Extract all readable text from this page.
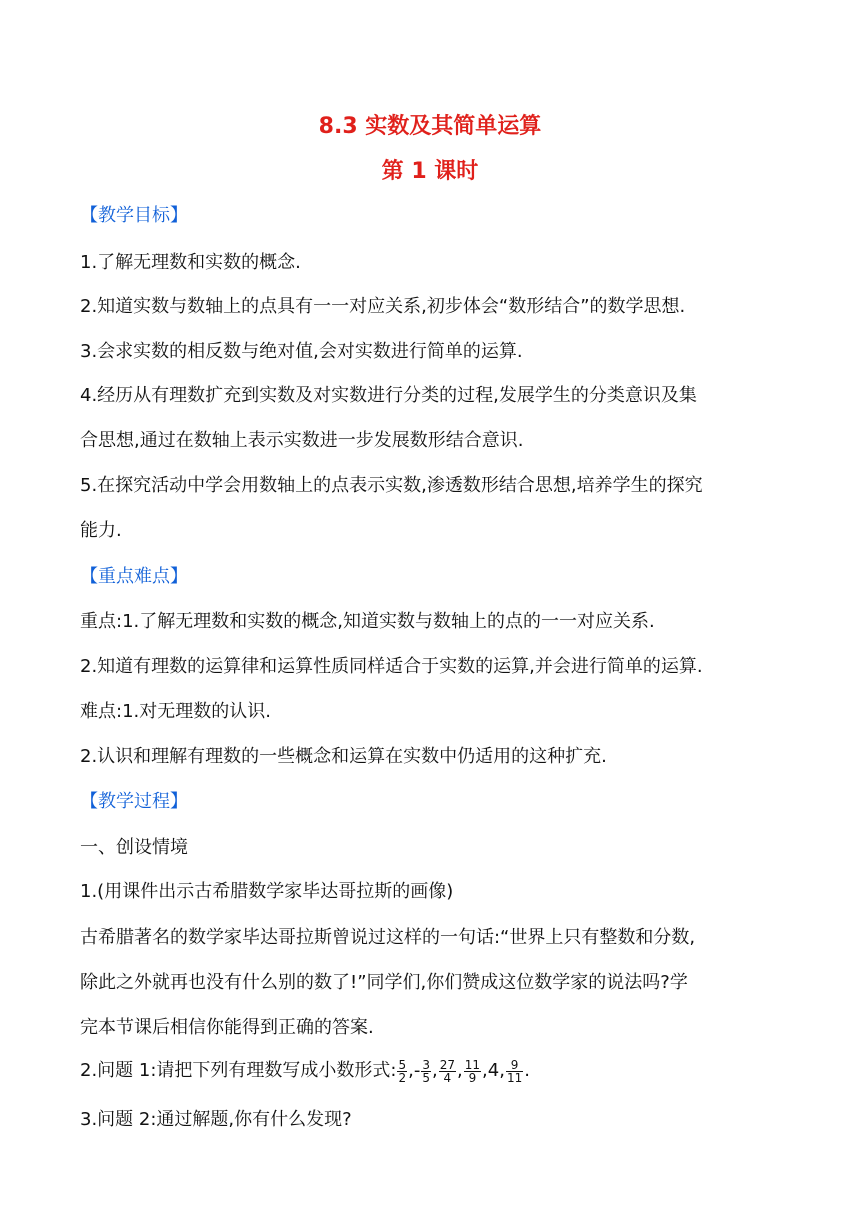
8.3 实数及其简单运算
第 1 课时
【教学目标】
1.了解无理数和实数的概念.
2.知道实数与数轴上的点具有一一对应关系,初步体会“数形结合”的数学思想.
3.会求实数的相反数与绝对值,会对实数进行简单的运算.
4.经历从有理数扩充到实数及对实数进行分类的过程,发展学生的分类意识及集
合思想,通过在数轴上表示实数进一步发展数形结合意识.
5.在探究活动中学会用数轴上的点表示实数,渗透数形结合思想,培养学生的探究
能力.
【重点难点】
重点:1.了解无理数和实数的概念,知道实数与数轴上的点的一一对应关系.
2.知道有理数的运算律和运算性质同样适合于实数的运算,并会进行简单的运算.
难点:1.对无理数的认识.
2.认识和理解有理数的一些概念和运算在实数中仍适用的这种扩充.
【教学过程】
一、创设情境
1.(用课件出示古希腊数学家毕达哥拉斯的画像)
古希腊著名的数学家毕达哥拉斯曾说过这样的一句话:“世界上只有整数和分数,
除此之外就再也没有什么别的数了!”同学们,你们赞成这位数学家的说法吗?学
完本节课后相信你能得到正确的答案.
2.问题 1:请把下列有理数写成小数形式: $\frac{5}{2}$ ,- $\frac{3}{5}$ , $\frac{27}{4}$ , $\frac{11}{9} ,4$, $\frac{9}{11}$ .
3.问题 2:通过解题,你有什么发现?
